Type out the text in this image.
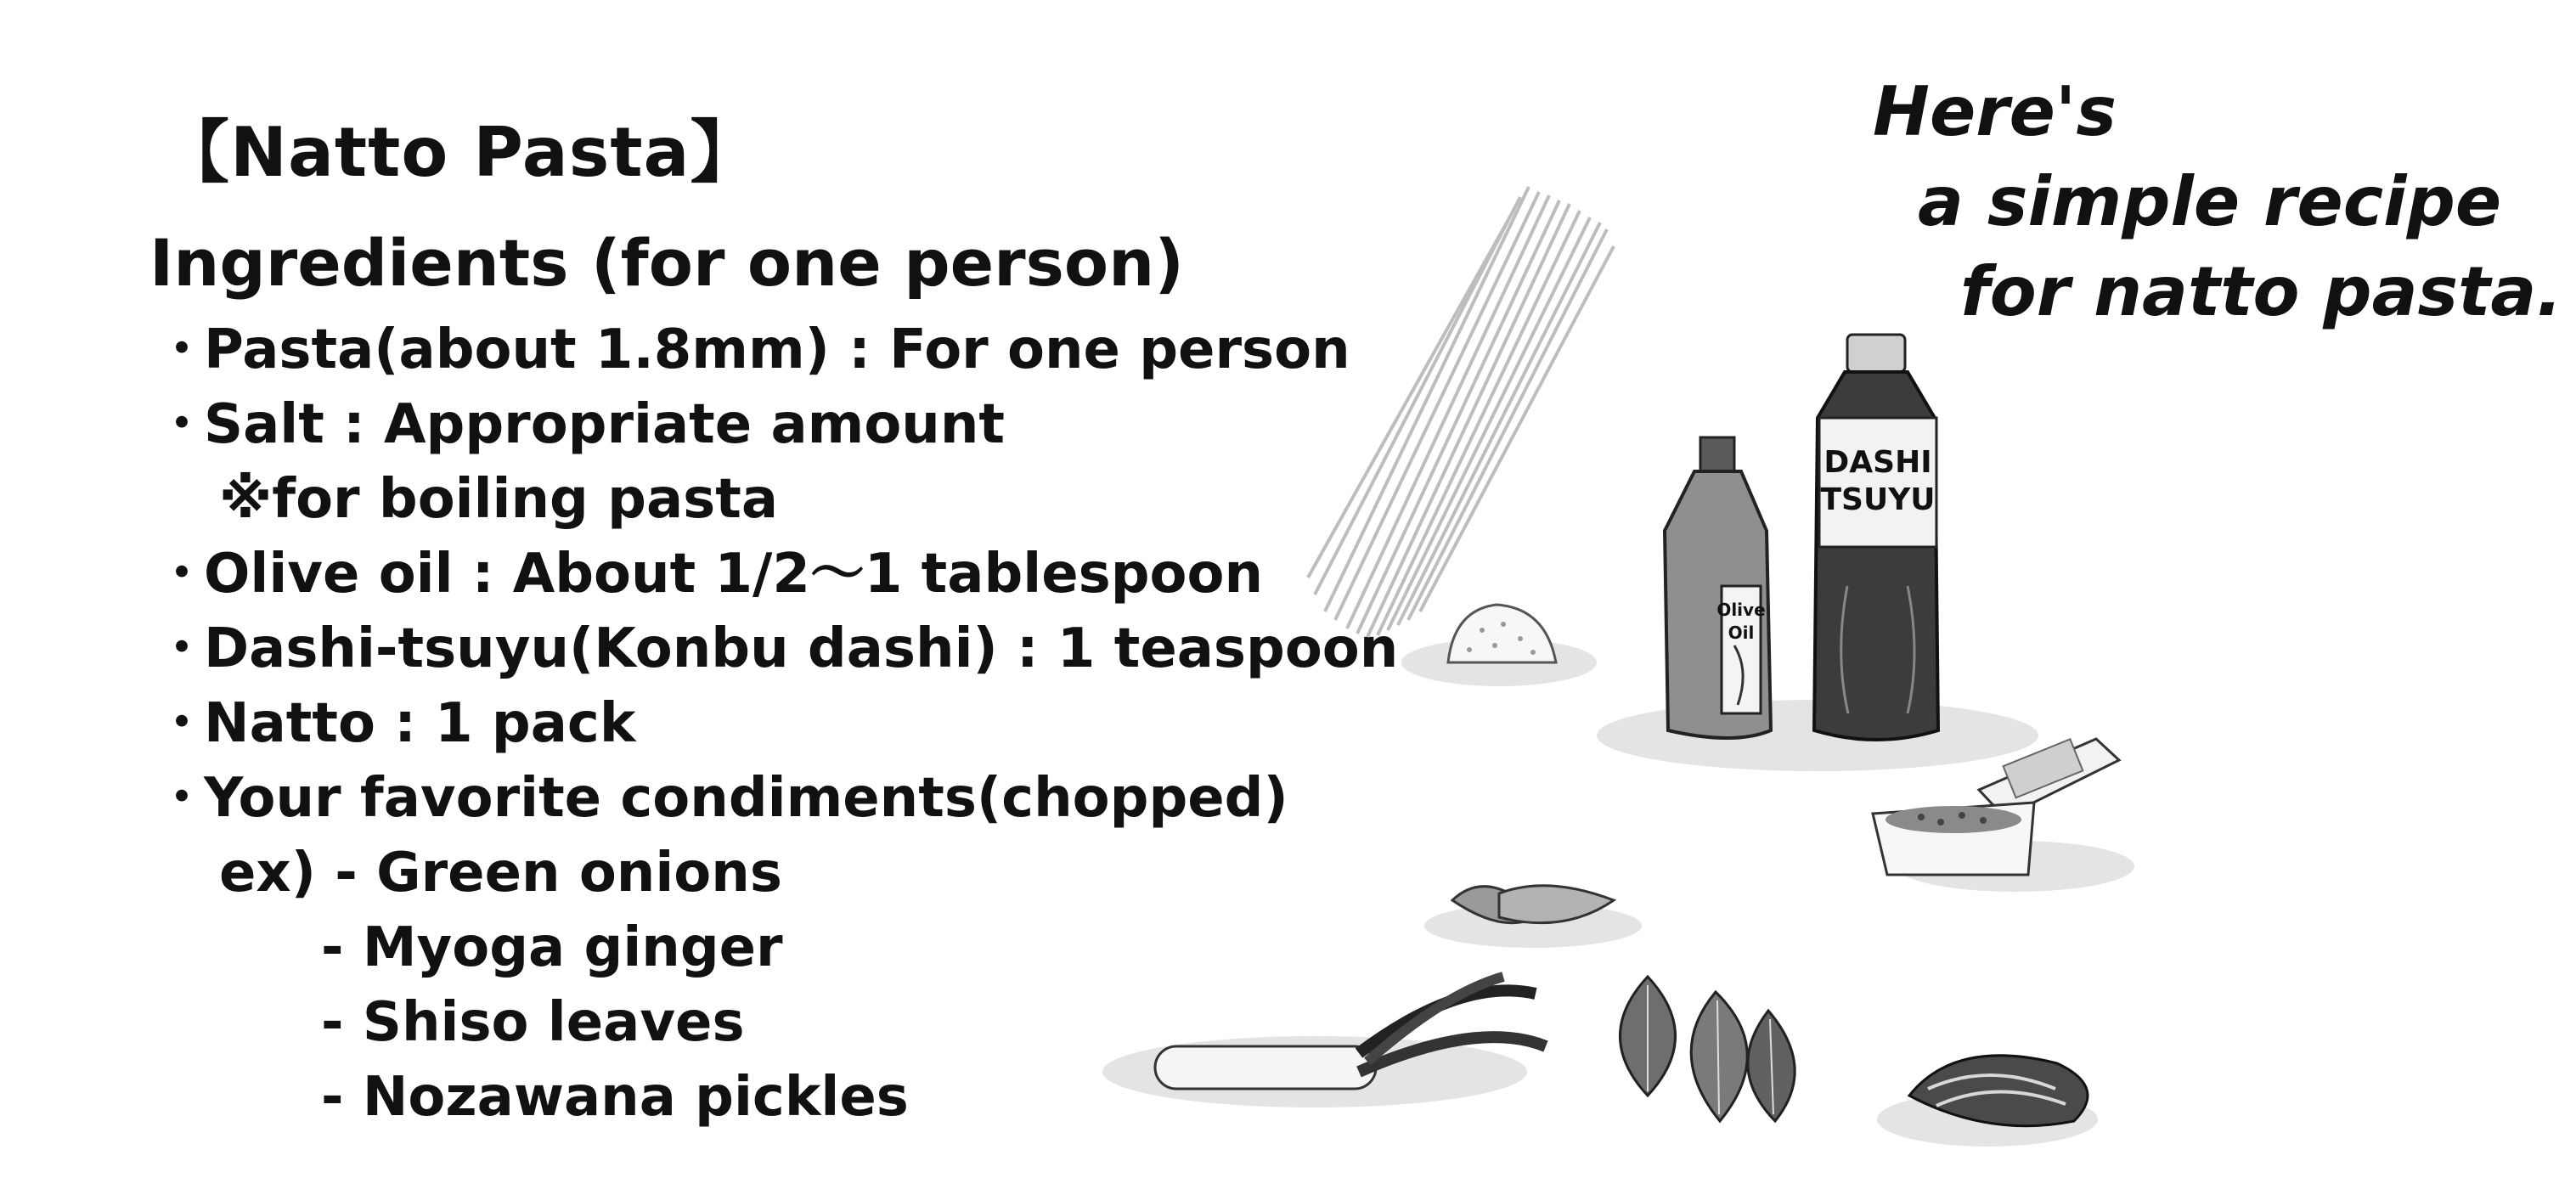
【Natto Pasta】
Ingredients (for one person)
・
Pasta(about 1.8mm) : For one person
・
Salt : Appropriate amount
※for boiling pasta
・
Olive oil : About 1/2～1 tablespoon
・
Dashi-tsuyu(Konbu dashi) : 1 teaspoon
・
Natto : 1 pack
・
Your favorite condiments(chopped)
ex) - Green onions
- Myoga ginger
- Shiso leaves
- Nozawana pickles
Here's
a simple recipe
for natto pasta.
Olive
Oil
DASHI
TSUYU
